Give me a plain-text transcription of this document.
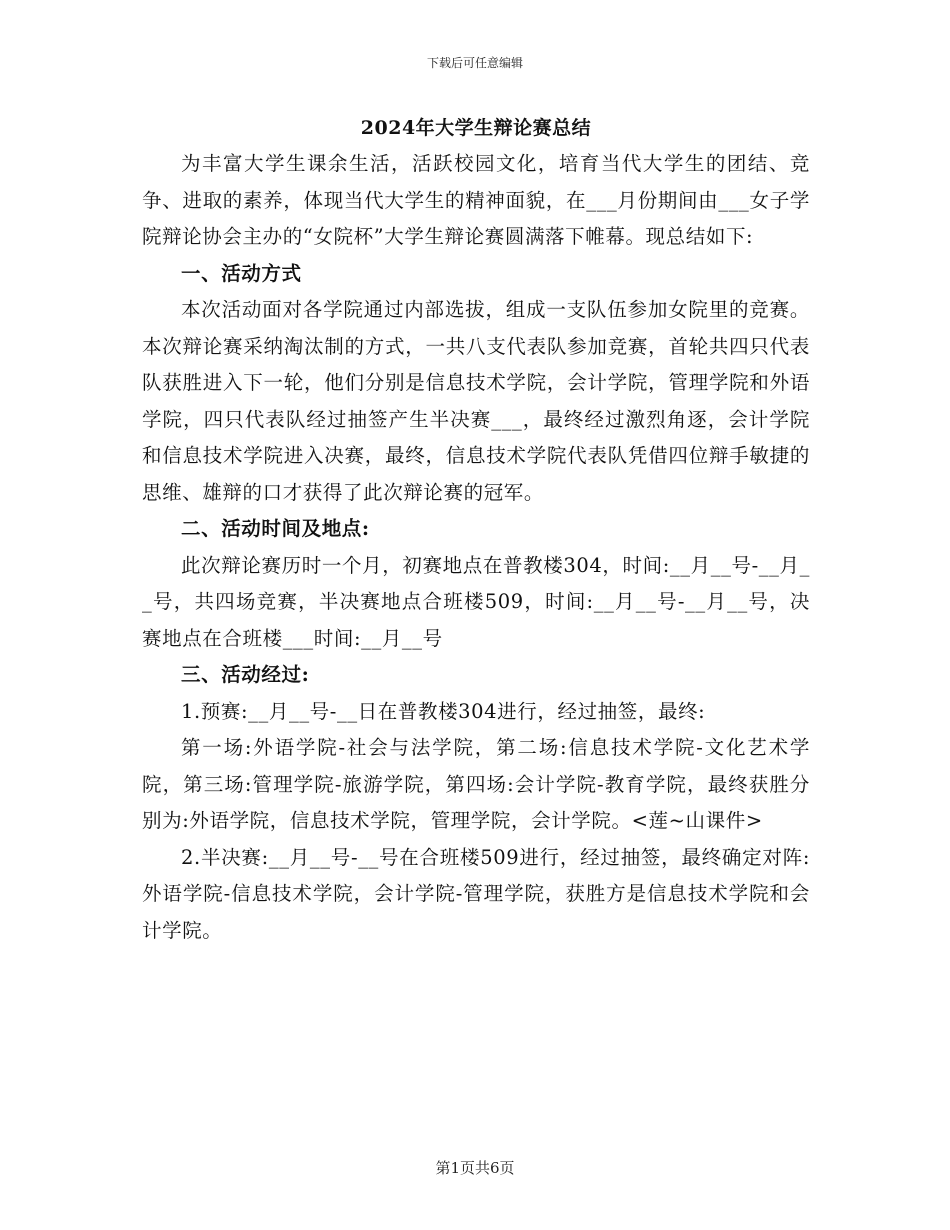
下载后可任意编辑
2024年大学生辩论赛总结

为丰富大学生课余生活，活跃校园文化，培育当代大学生的团结、竞争、进取的素养，体现当代大学生的精神面貌，在___月份期间由___女子学院辩论协会主办的“女院杯”大学生辩论赛圆满落下帷幕。现总结如下:

一、活动方式

本次活动面对各学院通过内部选拔，组成一支队伍参加女院里的竞赛。本次辩论赛采纳淘汰制的方式，一共八支代表队参加竞赛，首轮共四只代表队获胜进入下一轮，他们分别是信息技术学院，会计学院，管理学院和外语学院，四只代表队经过抽签产生半决赛___，最终经过激烈角逐，会计学院和信息技术学院进入决赛，最终，信息技术学院代表队凭借四位辩手敏捷的思维、雄辩的口才获得了此次辩论赛的冠军。

二、活动时间及地点:

此次辩论赛历时一个月，初赛地点在普教楼304，时间:__月__号-__月__号，共四场竞赛，半决赛地点合班楼509，时间:__月__号-__月__号，决赛地点在合班楼___时间:__月__号

三、活动经过:

1.预赛:__月__号-__日在普教楼304进行，经过抽签，最终:

第一场:外语学院-社会与法学院，第二场:信息技术学院-文化艺术学院，第三场:管理学院-旅游学院，第四场:会计学院-教育学院，最终获胜分别为:外语学院，信息技术学院，管理学院，会计学院。<莲~山课件>

2.半决赛:__月__号-__号在合班楼509进行，经过抽签，最终确定对阵:外语学院-信息技术学院，会计学院-管理学院，获胜方是信息技术学院和会计学院。

第1页共6页
